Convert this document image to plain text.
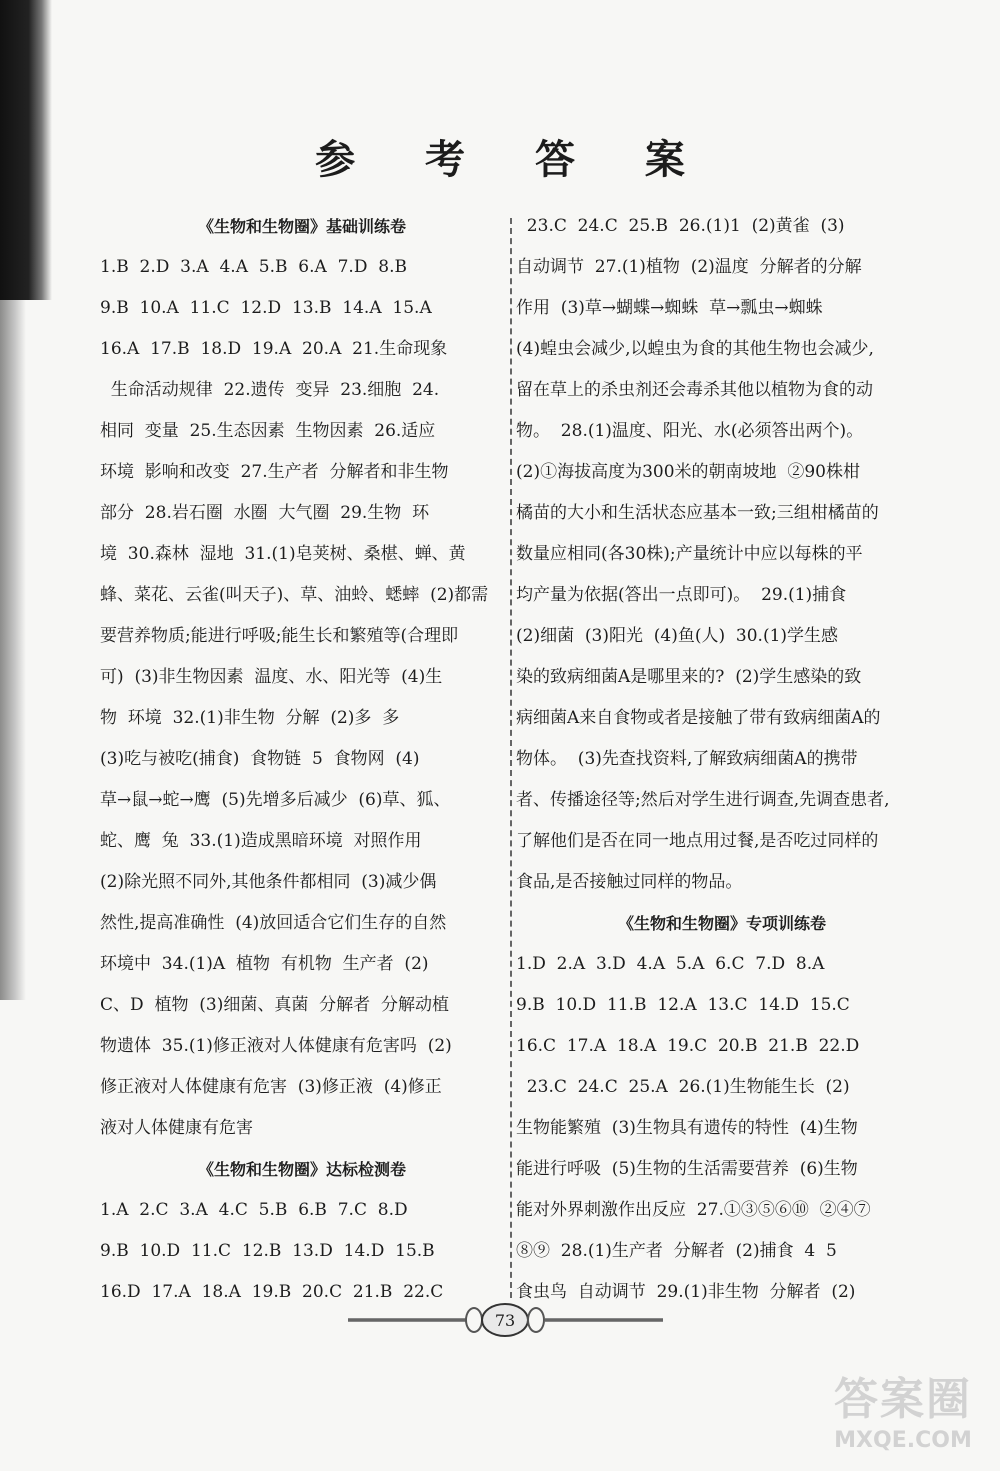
参 考 答 案
《生物和生物圈》基础训练卷
1.B  2.D  3.A  4.A  5.B  6.A  7.D  8.B
9.B  10.A  11.C  12.D  13.B  14.A  15.A
16.A  17.B  18.D  19.A  20.A  21.生命现象
生命活动规律  22.遗传  变异  23.细胞  24.
相同  变量  25.生态因素  生物因素  26.适应
环境  影响和改变  27.生产者  分解者和非生物
部分  28.岩石圈  水圈  大气圈  29.生物  环
境  30.森林  湿地  31.(1)皂荚树、桑椹、蝉、黄
蜂、菜花、云雀(叫天子)、草、油蛉、蟋蟀  (2)都需
要营养物质;能进行呼吸;能生长和繁殖等(合理即
可)  (3)非生物因素  温度、水、阳光等  (4)生
物  环境  32.(1)非生物  分解  (2)多  多
(3)吃与被吃(捕食)  食物链  5  食物网  (4)
草→鼠→蛇→鹰  (5)先增多后减少  (6)草、狐、
蛇、鹰  兔  33.(1)造成黑暗环境  对照作用
(2)除光照不同外,其他条件都相同  (3)减少偶
然性,提高准确性  (4)放回适合它们生存的自然
环境中  34.(1)A  植物  有机物  生产者  (2)
C、D  植物  (3)细菌、真菌  分解者  分解动植
物遗体  35.(1)修正液对人体健康有危害吗  (2)
修正液对人体健康有危害  (3)修正液  (4)修正
液对人体健康有危害
《生物和生物圈》达标检测卷
1.A  2.C  3.A  4.C  5.B  6.B  7.C  8.D
9.B  10.D  11.C  12.B  13.D  14.D  15.B
16.D  17.A  18.A  19.B  20.C  21.B  22.C
23.C  24.C  25.B  26.(1)1  (2)黄雀  (3)
自动调节  27.(1)植物  (2)温度  分解者的分解
作用  (3)草→蝴蝶→蜘蛛  草→瓢虫→蜘蛛
(4)蝗虫会减少,以蝗虫为食的其他生物也会减少,
留在草上的杀虫剂还会毒杀其他以植物为食的动
物。  28.(1)温度、阳光、水(必须答出两个)。
(2)①海拔高度为300米的朝南坡地  ②90株柑
橘苗的大小和生活状态应基本一致;三组柑橘苗的
数量应相同(各30株);产量统计中应以每株的平
均产量为依据(答出一点即可)。  29.(1)捕食
(2)细菌  (3)阳光  (4)鱼(人)  30.(1)学生感
染的致病细菌A是哪里来的?  (2)学生感染的致
病细菌A来自食物或者是接触了带有致病细菌A的
物体。  (3)先查找资料,了解致病细菌A的携带
者、传播途径等;然后对学生进行调查,先调查患者,
了解他们是否在同一地点用过餐,是否吃过同样的
食品,是否接触过同样的物品。
《生物和生物圈》专项训练卷
1.D  2.A  3.D  4.A  5.A  6.C  7.D  8.A
9.B  10.D  11.B  12.A  13.C  14.D  15.C
16.C  17.A  18.A  19.C  20.B  21.B  22.D
23.C  24.C  25.A  26.(1)生物能生长  (2)
生物能繁殖  (3)生物具有遗传的特性  (4)生物
能进行呼吸  (5)生物的生活需要营养  (6)生物
能对外界刺激作出反应  27.①③⑤⑥⑩  ②④⑦
⑧⑨  28.(1)生产者  分解者  (2)捕食  4  5
食虫鸟  自动调节  29.(1)非生物  分解者  (2)
73
答案圈
MXQE.COM
